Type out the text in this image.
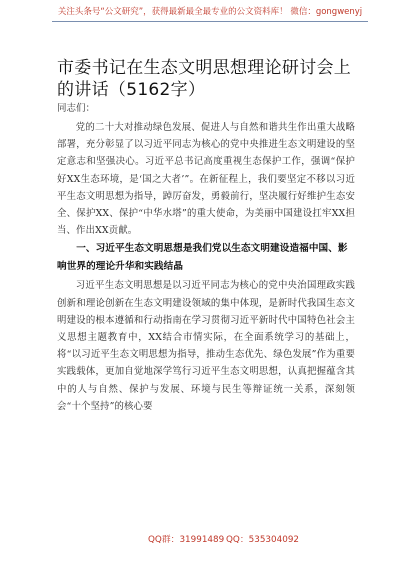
关注头条号“公文研究”，获得最新最全最专业的公文资料库！ 微信：gongwenyj
市委书记在生态文明思想理论研讨会上的讲话（5162字）
同志们：

党的二十大对推动绿色发展、促进人与自然和谐共生作出重大战略部署，充分彰显了以习近平同志为核心的党中央推进生态文明建设的坚定意志和坚强决心。习近平总书记高度重视生态保护工作，强调“保护好XX生态环境，是‘国之大者’”。在新征程上，我们要坚定不移以习近平生态文明思想为指导，踔厉奋发，勇毅前行，坚决履行好维护生态安全、保护XX、保护“中华水塔”的重大使命，为美丽中国建设扛牢XX担当、作出XX贡献。

一、习近平生态文明思想是我们党以生态文明建设造福中国、影响世界的理论升华和实践结晶

习近平生态文明思想是以习近平同志为核心的党中央治国理政实践创新和理论创新在生态文明建设领域的集中体现，是新时代我国生态文明建设的根本遵循和行动指南在学习贯彻习近平新时代中国特色社会主义思想主题教育中，XX结合市情实际，在全面系统学习的基础上，将“以习近平生态文明思想为指导，推动生态优先、绿色发展”作为重要实践载体，更加自觉地深学笃行习近平生态文明思想，认真把握蕴含其中的人与自然、保护与发展、环境与民生等辩证统一关系，深刻领会“十个坚持”的核心要

QQ群：31991489 QQ：535304092
